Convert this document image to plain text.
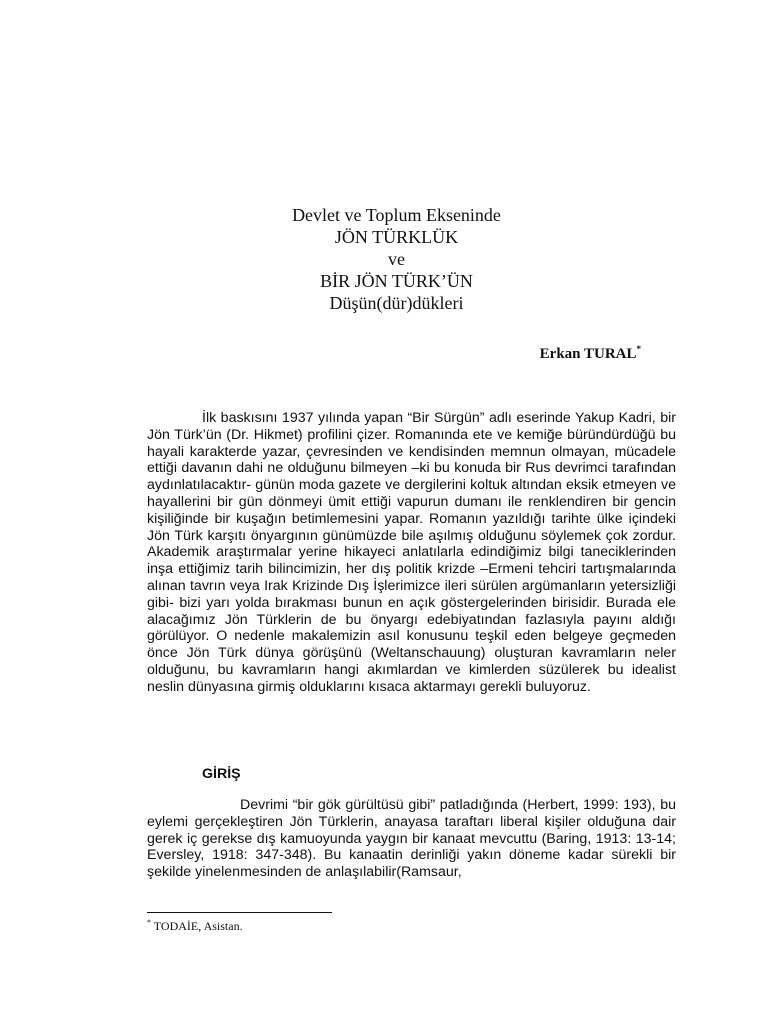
Devlet ve Toplum Ekseninde
JÖN TÜRKLÜK
ve
BİR JÖN TÜRK’ÜN
Düşün(dür)dükleri
Erkan TURAL*

İlk baskısını 1937 yılında yapan “Bir Sürgün” adlı eserinde Yakup Kadri, bir Jön Türk’ün (Dr. Hikmet) profilini çizer. Romanında ete ve kemiğe büründürdüğü bu hayali karakterde yazar, çevresinden ve kendisinden memnun olmayan, mücadele ettiği davanın dahi ne olduğunu bilmeyen –ki bu konuda bir Rus devrimci tarafından aydınlatılacaktır- günün moda gazete ve dergilerini koltuk altından eksik etmeyen ve hayallerini bir gün dönmeyi ümit ettiği vapurun dumanı ile renklendiren bir gencin kişiliğinde bir kuşağın betimlemesini yapar. Romanın yazıldığı tarihte ülke içindeki Jön Türk karşıtı önyargının günümüzde bile aşılmış olduğunu söylemek çok zordur. Akademik araştırmalar yerine hikayeci anlatılarla edindiğimiz bilgi taneciklerinden inşa ettiğimiz tarih bilincimizin, her dış politik krizde –Ermeni tehciri tartışmalarında alınan tavrın veya Irak Krizinde Dış İşlerimizce ileri sürülen argümanların yetersizliği gibi- bizi yarı yolda bırakması bunun en açık göstergelerinden birisidir. Burada ele alacağımız Jön Türklerin de bu önyargı edebiyatından fazlasıyla payını aldığı görülüyor. O nedenle makalemizin asıl konusunu teşkil eden belgeye geçmeden önce Jön Türk dünya görüşünü (Weltanschauung) oluşturan kavramların neler olduğunu, bu kavramların hangi akımlardan ve kimlerden süzülerek bu idealist neslin dünyasına girmiş olduklarını kısaca aktarmayı gerekli buluyoruz.

GİRİŞ

Devrimi “bir gök gürültüsü gibi” patladığında (Herbert, 1999: 193), bu eylemi gerçekleştiren Jön Türklerin, anayasa taraftarı liberal kişiler olduğuna dair gerek iç gerekse dış kamuoyunda yaygın bir kanaat mevcuttu (Baring, 1913: 13-14; Eversley, 1918: 347-348). Bu kanaatin derinliği yakın döneme kadar sürekli bir şekilde yinelenmesinden de anlaşılabilir(Ramsaur,

* TODAİE, Asistan.
